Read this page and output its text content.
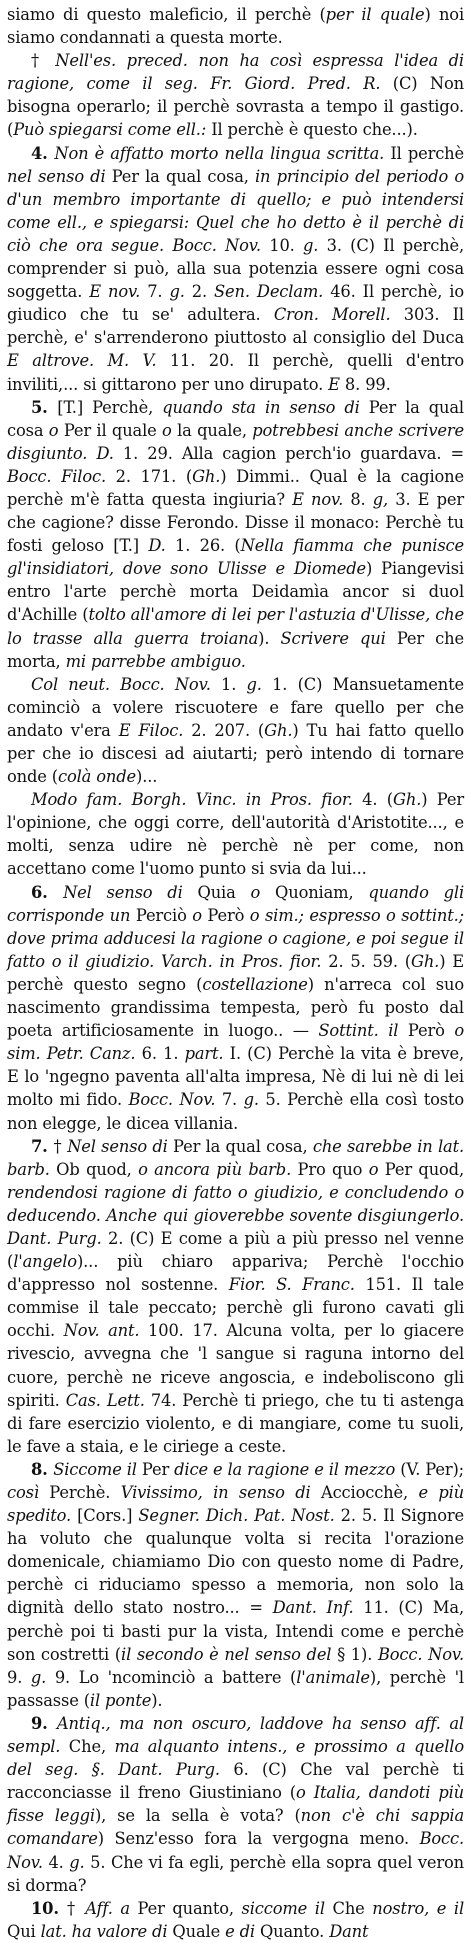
siamo di questo maleficio, il perchè (per il quale) noi siamo condannati a questa morte.

† Nell'es. preced. non ha così espressa l'idea di ragione, come il seg. Fr. Giord. Pred. R. (C) Non bisogna operarlo; il perchè sovrasta a tempo il gastigo. (Può spiegarsi come ell.: Il perchè è questo che...).

4. Non è affatto morto nella lingua scritta. Il perchè nel senso di Per la qual cosa, in principio del periodo o d'un membro importante di quello; e può intendersi come ell., e spiegarsi: Quel che ho detto è il perchè di ciò che ora segue. Bocc. Nov. 10. g. 3. (C) Il perchè, comprender si può, alla sua potenzia essere ogni cosa soggetta. E nov. 7. g. 2. Sen. Declam. 46. Il perchè, io giudico che tu se' adultera. Cron. Morell. 303. Il perchè, e' s'arrenderono piuttosto al consiglio del Duca E altrove. M. V. 11. 20. Il perchè, quelli d'entro inviliti,... si gittarono per uno dirupato. E 8. 99.

5. [T.] Perchè, quando sta in senso di Per la qual cosa o Per il quale o la quale, potrebbesi anche scrivere disgiunto. D. 1. 29. Alla cagion perch'io guardava. = Bocc. Filoc. 2. 171. (Gh.) Dimmi.. Qual è la cagione perchè m'è fatta questa ingiuria? E nov. 8. g, 3. E per che cagione? disse Ferondo. Disse il monaco: Perchè tu fosti geloso [T.] D. 1. 26. (Nella fiamma che punisce gl'insidiatori, dove sono Ulisse e Diomede) Piangevisi entro l'arte perchè morta Deidamìa ancor si duol d'Achille (tolto all'amore di lei per l'astuzia d'Ulisse, che lo trasse alla guerra troiana). Scrivere qui Per che morta, mi parrebbe ambiguo.

Col neut. Bocc. Nov. 1. g. 1. (C) Mansuetamente cominciò a volere riscuotere e fare quello per che andato v'era E Filoc. 2. 207. (Gh.) Tu hai fatto quello per che io discesi ad aiutarti; però intendo di tornare onde (colà onde)...

Modo fam. Borgh. Vinc. in Pros. fior. 4. (Gh.) Per l'opinione, che oggi corre, dell'autorità d'Aristotite..., e molti, senza udire nè perchè nè per come, non accettano come l'uomo punto si svia da lui...

6. Nel senso di Quia o Quoniam, quando gli corrisponde un Perciò o Però o sim.; espresso o sottint.; dove prima adducesi la ragione o cagione, e poi segue il fatto o il giudizio. Varch. in Pros. fior. 2. 5. 59. (Gh.) E perchè questo segno (costellazione) n'arreca col suo nascimento grandissima tempesta, però fu posto dal poeta artificiosamente in luogo.. — Sottint. il Però o sim. Petr. Canz. 6. 1. part. I. (C) Perchè la vita è breve, E lo 'ngegno paventa all'alta impresa, Nè di lui nè di lei molto mi fido. Bocc. Nov. 7. g. 5. Perchè ella così tosto non elegge, le dicea villania.

7. † Nel senso di Per la qual cosa, che sarebbe in lat. barb. Ob quod, o ancora più barb. Pro quo o Per quod, rendendosi ragione di fatto o giudizio, e concludendo o deducendo. Anche qui gioverebbe sovente disgiungerlo. Dant. Purg. 2. (C) E come a più a più presso nel venne (l'angelo)... più chiaro appariva; Perchè l'occhio d'appresso nol sostenne. Fior. S. Franc. 151. Il tale commise il tale peccato; perchè gli furono cavati gli occhi. Nov. ant. 100. 17. Alcuna volta, per lo giacere rivescio, avvegna che 'l sangue si ragunа intorno del cuore, perchè ne riceve angoscia, e indeboliscono gli spiriti. Cas. Lett. 74. Perchè ti priego, che tu ti astenga di fare esercizio violento, e di mangiare, come tu suoli, le fave a staia, e le ciriege a ceste.

8. Siccome il Per dice e la ragione e il mezzo (V. Per); così Perchè. Vivissimo, in senso di Acciocchè, e più spedito. [Cors.] Segner. Dich. Pat. Nost. 2. 5. Il Signore ha voluto che qualunque volta si recita l'orazione domenicale, chiamiamo Dio con questo nome di Padre, perchè ci riduciamo spesso a memoria, non solo la dignità dello stato nostro... = Dant. Inf. 11. (C) Ma, perchè poi ti basti pur la vista, Intendi come e perchè son costretti (il secondo è nel senso del § 1). Bocc. Nov. 9. g. 9. Lo 'ncominciò a battere (l'animale), perchè 'l passasse (il ponte).

9. Antiq., ma non oscuro, laddove ha senso aff. al sempl. Che, ma alquanto intens., e prossimo a quello del seg. §. Dant. Purg. 6. (C) Che val perchè ti racconciasse il freno Giustiniano (o Italia, dandoti più fisse leggi), se la sella è vota? (non c'è chi sappia comandare) Senz'esso fora la vergogna meno. Bocc. Nov. 4. g. 5. Che vi fa egli, perchè ella sopra quel veron si dorma?

10. † Aff. a Per quanto, siccome il Che nostro, e il Qui lat. ha valore di Quale e di Quanto. Dant
